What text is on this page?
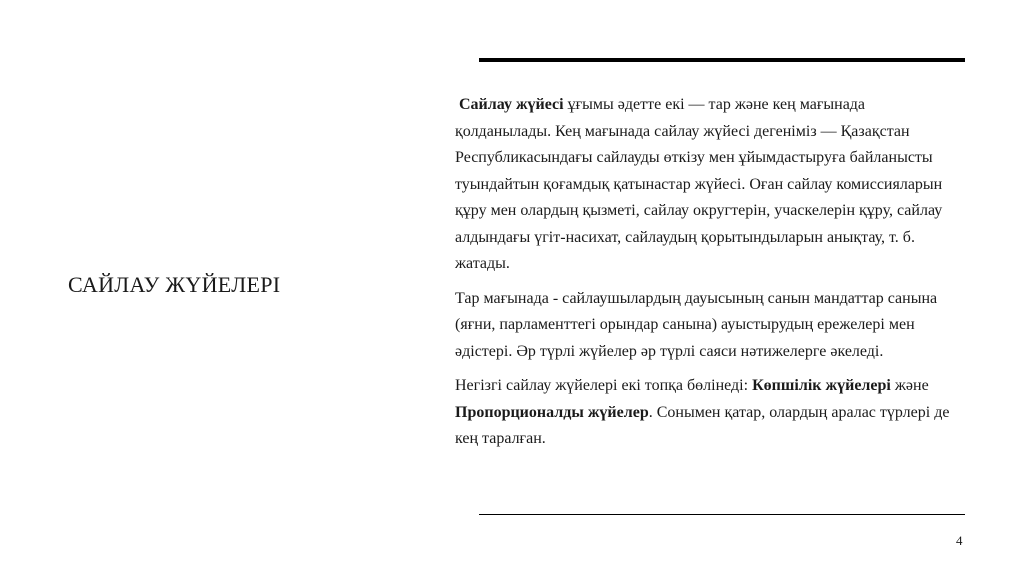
САЙЛАУ ЖҮЙЕЛЕРІ

Сайлау жүйесі ұғымы әдетте екі — тар және кең мағынада қолданылады. Кең мағынада сайлау жүйесі дегеніміз — Қазақстан Республикасындағы сайлауды өткізу мен ұйымдастыруға байланысты туындайтын қоғамдық қатынастар жүйесі. Оған сайлау комиссияларын құру мен олардың қызметі, сайлау округтерін, учаскелерін құру, сайлау алдындағы үгіт-насихат, сайлаудың қорытындыларын анықтау, т. б. жатады.

Тар мағынада - сайлаушылардың дауысының санын мандаттар санына (яғни, парламенттегі орындар санына) ауыстырудың ережелері мен әдістері. Әр түрлі жүйелер әр түрлі саяси нәтижелерге әкеледі.

Негізгі сайлау жүйелері екі топқа бөлінеді: Көпшілік жүйелері және Пропорционалды жүйелер. Сонымен қатар, олардың аралас түрлері де кең таралған.

4
